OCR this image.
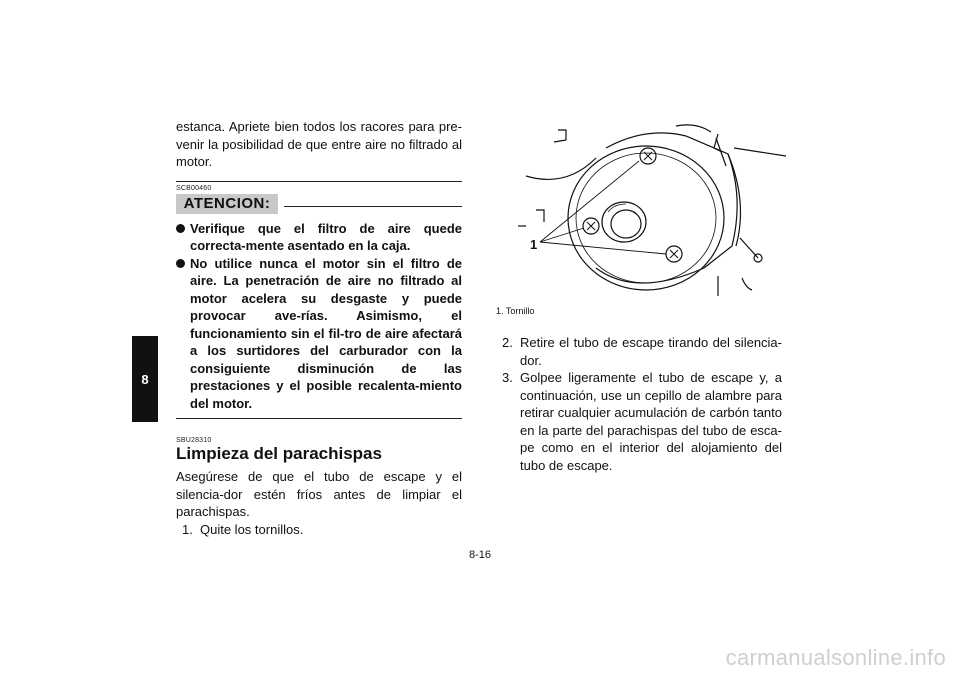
8

estanca. Apriete bien todos los racores para pre-venir la posibilidad de que entre aire no filtrado al motor.

SCB00460
ATENCION:
Verifique que el filtro de aire quede correcta-mente asentado en la caja.
No utilice nunca el motor sin el filtro de aire. La penetración de aire no filtrado al motor acelera su desgaste y puede provocar ave-rías. Asimismo, el funcionamiento sin el fil-tro de aire afectará a los surtidores del carburador con la consiguiente disminución de las prestaciones y el posible recalenta-miento del motor.
SBU28310
Limpieza del parachispas

Asegúrese de que el tubo de escape y el silencia-dor estén fríos antes de limpiar el parachispas.

1. Quite los tornillos.
1
1. Tornillo
2. Retire el tubo de escape tirando del silencia-dor.
3. Golpee ligeramente el tubo de escape y, a continuación, use un cepillo de alambre para retirar cualquier acumulación de carbón tanto en la parte del parachispas del tubo de esca-pe como en el interior del alojamiento del tubo de escape.
8-16
carmanualsonline.info
